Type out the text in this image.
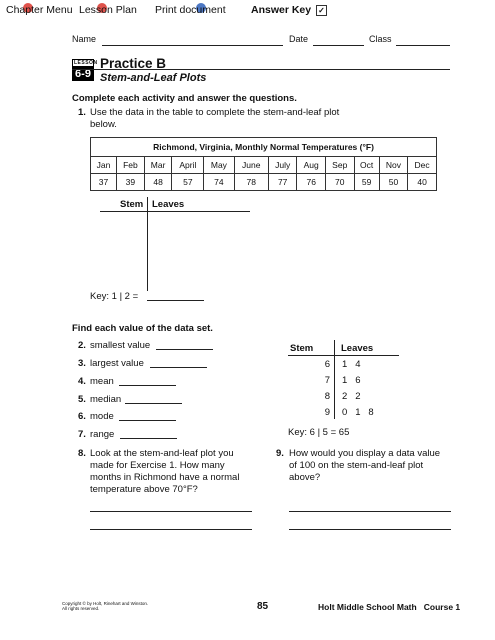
Chapter Menu Lesson Plan Print document Answer Key ✓
Name	Date	Class
LESSON
6-9
Practice B
Stem-and-Leaf Plots
Complete each activity and answer the questions.
1. Use the data in the table to complete the stem-and-leaf plot
below.
Richmond, Virginia, Monthly Normal Temperatures (°F)											
Jan	Feb	Mar	April	May	June	July	Aug	Sep	Oct	Nov	Dec
37	39	48	57	74	78	77	76	70	59	50	40
Stem Leaves
Key: 1 | 2 =
Find each value of the data set.
2. smallest value
3. largest value
4. mean
5. median
6. mode
7. range
Stem	Leaves
6 1   4
7 1   6
8 2   2
9 0   1   8
Key: 6 | 5 = 65
8. Look at the stem-and-leaf plot you
made for Exercise 1. How many
months in Richmond have a normal
temperature above 70°F?
9. How would you display a data value
of 100 on the stem-and-leaf plot
above?
Copyright © by Holt, Rinehart and Winston.
All rights reserved.	85	Holt Middle School Math   Course 1
